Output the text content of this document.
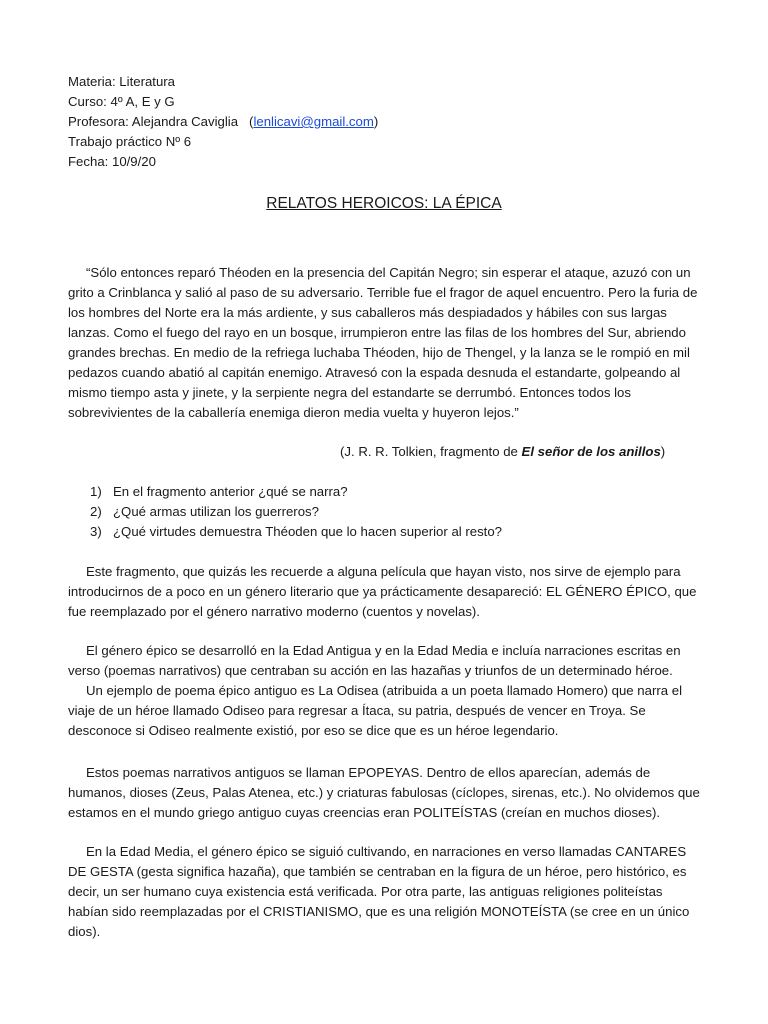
Materia: Literatura
Curso: 4º A, E y G
Profesora: Alejandra Caviglia   (lenlicavi@gmail.com)
Trabajo práctico Nº 6
Fecha: 10/9/20
RELATOS HEROICOS: LA ÉPICA

“Sólo entonces reparó Théoden en la presencia del Capitán Negro; sin esperar el ataque, azuzó con un grito a Crinblanca y salió al paso de su adversario. Terrible fue el fragor de aquel encuentro. Pero la furia de los hombres del Norte era la más ardiente, y sus caballeros más despiadados y hábiles con sus largas lanzas. Como el fuego del rayo en un bosque, irrumpieron entre las filas de los hombres del Sur, abriendo grandes brechas. En medio de la refriega luchaba Théoden, hijo de Thengel, y la lanza se le rompió en mil pedazos cuando abatió al capitán enemigo. Atravesó con la espada desnuda el estandarte, golpeando al mismo tiempo asta y jinete, y la serpiente negra del estandarte se derrumbó. Entonces todos los sobrevivientes de la caballería enemiga dieron media vuelta y huyeron lejos.”

(J. R. R. Tolkien, fragmento de El señor de los anillos)
1) En el fragmento anterior ¿qué se narra?
2) ¿Qué armas utilizan los guerreros?
3) ¿Qué virtudes demuestra Théoden que lo hacen superior al resto?

Este fragmento, que quizás les recuerde a alguna película que hayan visto, nos sirve de ejemplo para introducirnos de a poco en un género literario que ya prácticamente desapareció: EL GÉNERO ÉPICO, que fue reemplazado por el género narrativo moderno (cuentos y novelas).

El género épico se desarrolló en la Edad Antigua y en la Edad Media e incluía narraciones escritas en verso (poemas narrativos) que centraban su acción en las hazañas y triunfos de un determinado héroe.

Un ejemplo de poema épico antiguo es La Odisea (atribuida a un poeta llamado Homero) que narra el viaje de un héroe llamado Odiseo para regresar a Ítaca, su patria, después de vencer en Troya. Se desconoce si Odiseo realmente existió, por eso se dice que es un héroe legendario.

Estos poemas narrativos antiguos se llaman EPOPEYAS. Dentro de ellos aparecían, además de humanos, dioses (Zeus, Palas Atenea, etc.) y criaturas fabulosas (cíclopes, sirenas, etc.). No olvidemos que estamos en el mundo griego antiguo cuyas creencias eran POLITEÍSTAS (creían en muchos dioses).

En la Edad Media, el género épico se siguió cultivando, en narraciones en verso llamadas CANTARES DE GESTA (gesta significa hazaña), que también se centraban en la figura de un héroe, pero histórico, es decir, un ser humano cuya existencia está verificada. Por otra parte, las antiguas religiones politeístas habían sido reemplazadas por el CRISTIANISMO, que es una religión MONOTEÍSTA (se cree en un único dios).
